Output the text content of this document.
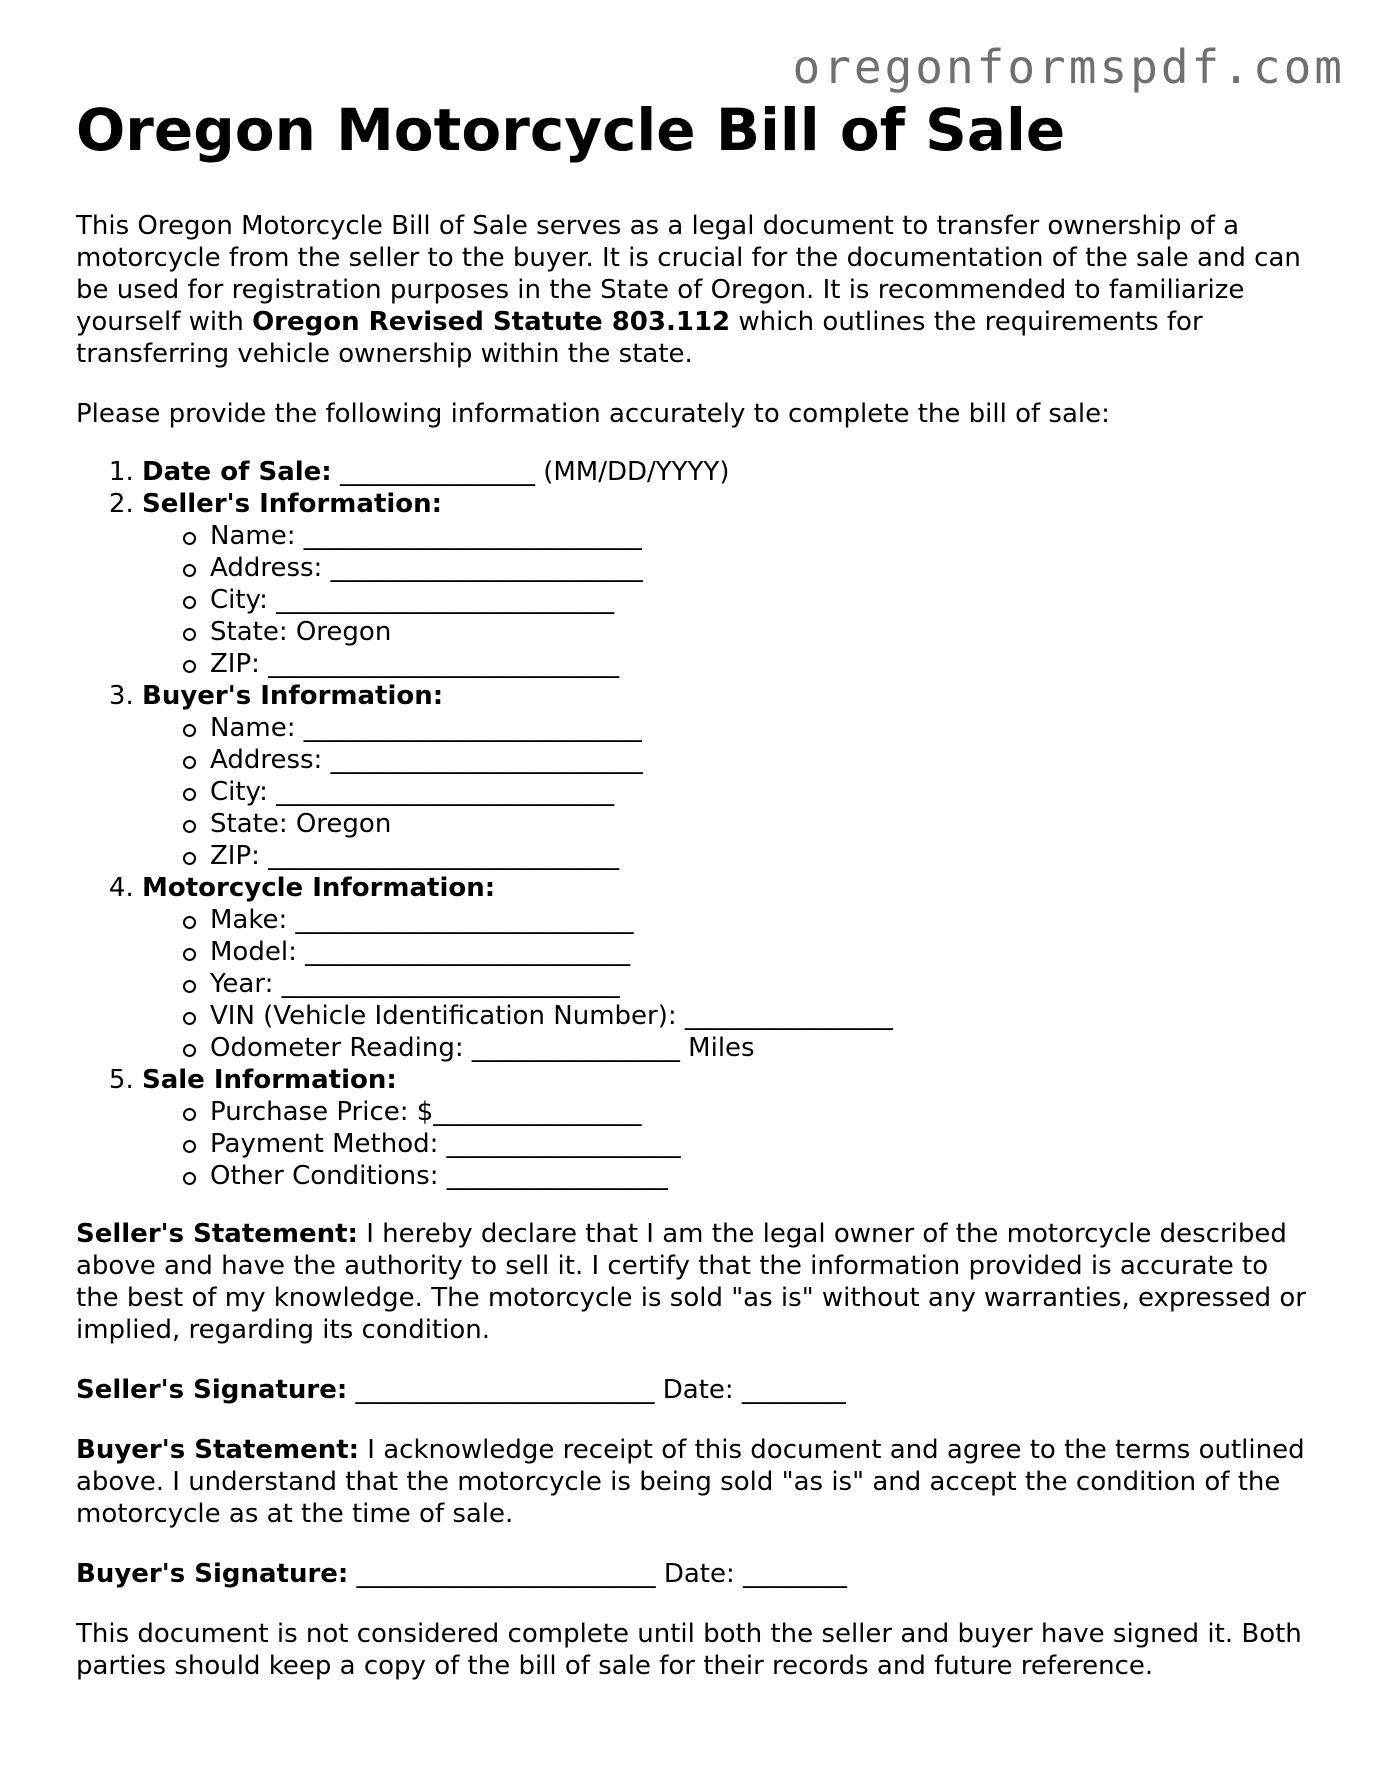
oregonformspdf.com
Oregon Motorcycle Bill of Sale

This Oregon Motorcycle Bill of Sale serves as a legal document to transfer ownership of a motorcycle from the seller to the buyer. It is crucial for the documentation of the sale and can be used for registration purposes in the State of Oregon. It is recommended to familiarize yourself with Oregon Revised Statute 803.112 which outlines the requirements for transferring vehicle ownership within the state.

Please provide the following information accurately to complete the bill of sale:

1. Date of Sale: _______________ (MM/DD/YYYY)
2. Seller's Information:
Name: __________________________
Address: ________________________
City: __________________________
State: Oregon
ZIP: ___________________________
3. Buyer's Information:
Name: __________________________
Address: ________________________
City: __________________________
State: Oregon
ZIP: ___________________________
4. Motorcycle Information:
Make: __________________________
Model: _________________________
Year: __________________________
VIN (Vehicle Identification Number): ________________
Odometer Reading: ________________ Miles
5. Sale Information:
Purchase Price: $________________
Payment Method: __________________
Other Conditions: _________________

Seller's Statement: I hereby declare that I am the legal owner of the motorcycle described above and have the authority to sell it. I certify that the information provided is accurate to the best of my knowledge. The motorcycle is sold "as is" without any warranties, expressed or implied, regarding its condition.

Seller's Signature: _______________________ Date: ________

Buyer's Statement: I acknowledge receipt of this document and agree to the terms outlined above. I understand that the motorcycle is being sold "as is" and accept the condition of the motorcycle as at the time of sale.

Buyer's Signature: _______________________ Date: ________

This document is not considered complete until both the seller and buyer have signed it. Both parties should keep a copy of the bill of sale for their records and future reference.
